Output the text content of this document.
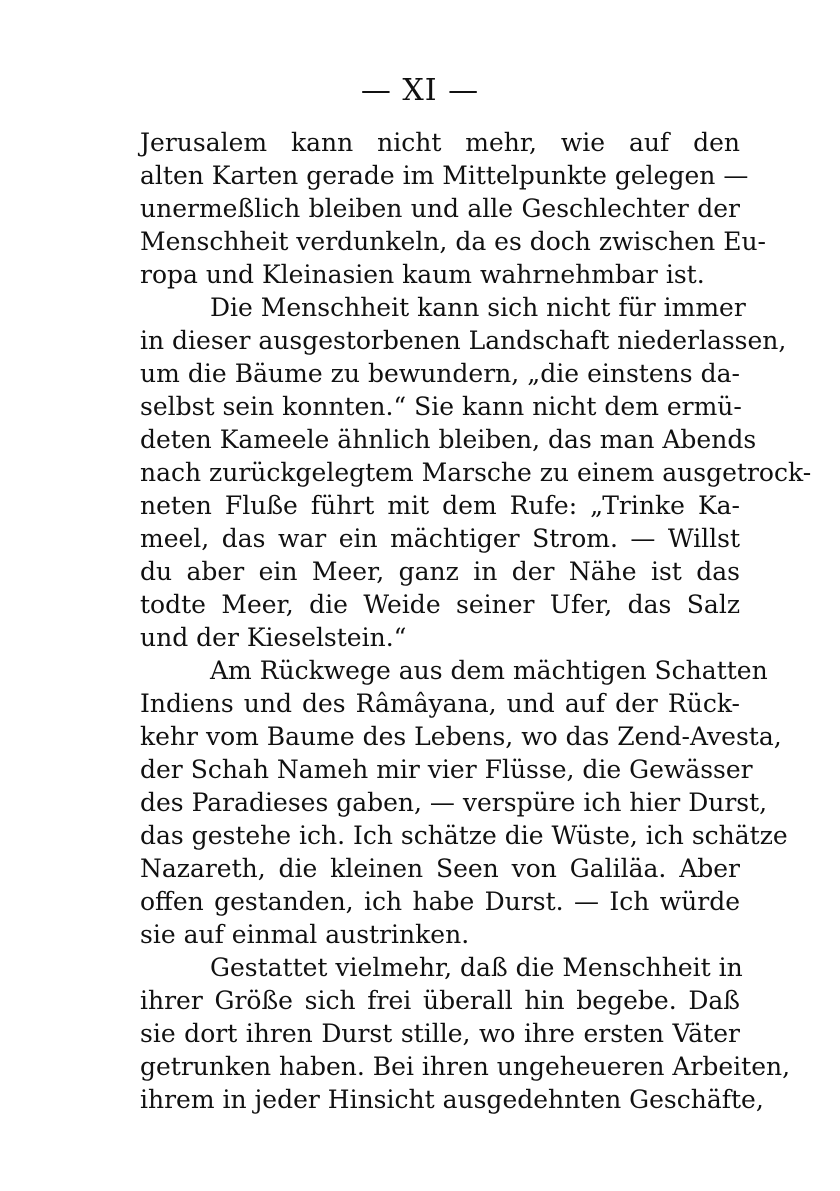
— XI —
Jerusalem kann nicht mehr, wie auf den
alten Karten gerade im Mittelpunkte gelegen —
unermeßlich bleiben und alle Geschlechter der
Menschheit verdunkeln, da es doch zwischen Eu-
ropa und Kleinasien kaum wahrnehmbar ist.
Die Menschheit kann sich nicht für immer
in dieser ausgestorbenen Landschaft niederlassen,
um die Bäume zu bewundern, „die einstens da-
selbst sein konnten.“ Sie kann nicht dem ermü-
deten Kameele ähnlich bleiben, das man Abends
nach zurückgelegtem Marsche zu einem ausgetrock-
neten Fluße führt mit dem Rufe: „Trinke Ka-
meel, das war ein mächtiger Strom. — Willst
du aber ein Meer, ganz in der Nähe ist das
todte Meer, die Weide seiner Ufer, das Salz
und der Kieselstein.“
Am Rückwege aus dem mächtigen Schatten
Indiens und des Râmâyana, und auf der Rück-
kehr vom Baume des Lebens, wo das Zend-Avesta,
der Schah Nameh mir vier Flüsse, die Gewässer
des Paradieses gaben, — verspüre ich hier Durst,
das gestehe ich. Ich schätze die Wüste, ich schätze
Nazareth, die kleinen Seen von Galiläa. Aber
offen gestanden, ich habe Durst. — Ich würde
sie auf einmal austrinken.
Gestattet vielmehr, daß die Menschheit in
ihrer Größe sich frei überall hin begebe. Daß
sie dort ihren Durst stille, wo ihre ersten Väter
getrunken haben. Bei ihren ungeheueren Arbeiten,
ihrem in jeder Hinsicht ausgedehnten Geschäfte,
